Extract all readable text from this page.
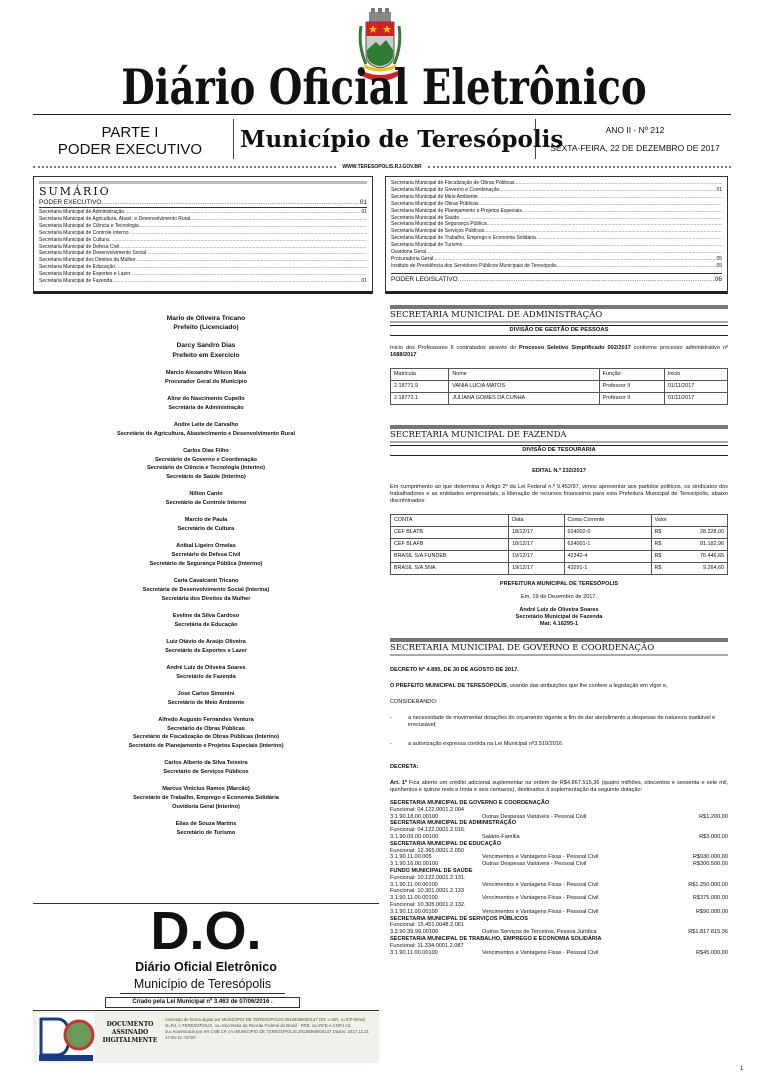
Diário Oficial Eletrônico
PARTE I
PODER EXECUTIVO	Município de Teresópolis	ANO II - Nº 212
SEXTA-FEIRA, 22 DE DEZEMBRO DE 2017
WWW.TERESOPOLIS.RJ.GOV.BR
SUMÁRIO
PODER EXECUTIVO .....	01
Secretaria Municipal de Administração .....	01
Secretaria Municipal de Agricultura, Abast. e Desenvolvimento Rural
.....
Secretaria Municipal de Ciência e Tecnologia
.....
Secretaria Municipal de Controle Interno
.....
Secretaria Municipal de Cultura
.....
Secretaria Municipal de Defesa Civil
.....
Secretaria Municipal de Desenvolvimento Social
.....
Secretaria Municipal dos Direitos da Mulher
.....
Secretaria Municipal de Educação
.....
Secretaria Municipal de Esportes e Lazer
.....
Secretaria Municipal de Fazenda .....	01
Secretaria Municipal de Fiscalização de Obras Públicas
.....
Secretaria Municipal de Governo e Coordenação .....	01
Secretaria Municipal de Meio Ambiente
.....
Secretaria Municipal de Obras Públicas
.....
Secretaria Municipal de Planejamento e Projetos Especiais
.....
Secretaria Municipal de Saúde
.....
Secretaria Municipal de Segurança Pública
.....
Secretaria Municipal de Serviços Públicos
.....
Secretaria Municipal de Trabalho, Emprego e Economia Solidária
.....
Secretaria Municipal de Turismo
.....
Ouvidoria Geral
.....
Procuradoria Geral .....	05
Instituto de Previdência dos Servidores Públicos Municipais de Teresópolis .....	05
PODER LEGISLATIVO .....	06
Mario de Oliveira Tricano
Prefeito (Licenciado)
Darcy Sandro Dias
Prefeito em Exercicio
Marcio Alexandre Wilson Maia
Procurador Geral do Município
Aline do Nascimento Cupello
Secretária de Administração
Andre Leite de Carvalho
Secretário de Agricultura, Abastecimento e Desenvolvimento Rural
Carlos Dias Filho
Secretário de Governo e Coordenação
Secretário de Ciência e Tecnologia (Interino)
Secretário de Saúde (Interino)
Nilton Canto
Secretário de Controle Interno
Marcio de Paula
Secretário de Cultura
Anibal Ligeiro Ornelas
Secretário de Defesa Civil
Secretário de Segurança Pública (Interino)
Carla Cavalcanti Tricano
Secretária de Desenvolvimento Social (Interina)
Secretária dos Direitos da Mulher
Eveline da Silva Cardoso
Secretária de Educação
Luiz Otávio de Araújo Oliveira
Secretário de Esportes e Lazer
André Luiz de Oliveira Soares
Secretário de Fazenda
José Carlos Simonini
Secretário de Meio Ambiente
Alfredo Augusto Fernandes Ventura
Secretário de Obras Públicas
Secretário de Fiscalização de Obras Públicas (Interino)
Secretário de Planejamento e Projetos Especiais (Interino)
Carlos Alberto da Silva Teixeira
Secretário de Serviços Públicos
Marcus Vinicius Ramos (Marcão)
Secretário de Trabalho, Emprego e Economia Solidária
Ouvidoria Geral (Interino)
Elias de Souza Martins
Secretário de Turismo
D.O.
Diário Oficial Eletrônico
Município de Teresópolis
Criado pela Lei Municipal nº 3.463 de 07/06/2016 .
DOCUMENTO ASSINADO DIGITALMENTE
Assinado de forma digital por MUNICIPIO DE TERESOPOLIS:29138369000147 DN: c=BR, o=ICP-Brasil, st=RJ, l=TERESOPOLIS, ou=Secretaria da Receita Federal do Brasil - RFB, ou=RFB e-CNPJ A3, ou=Autenticado por AR CNB CF, cn=MUNICIPIO DE TERESOPOLIS:29138369000147 Dados: 2017.12.21 17:55:12 -02'00'
SECRETARIA MUNICIPAL DE ADMINISTRAÇÃO
DIVISÃO DE GESTÃO DE PESSOAS

Inicio dos Professores II contratados através do Processo Seletivo Simplificado 002/2017 conforme processo administrativo nº 1688/2017

Matricula	Nome	Função	Inicio
2.18771.9	VANIA LUCIA MATOS	Professor II	01/11/2017
2.18772.1	JULIANA GOMES DA CUNHA	Professor II	01/11/2017
SECRETARIA MUNICIPAL DE FAZENDA
DIVISÃO DE TESOURARIA

EDITAL N.º 232/2017

Em cumprimento ao que determina o Artigo 2º da Lei Federal n.º 9.452/97, vimos apresentar aos partidos politicos, os sindicatos dos trabalhadores e as entidades empresariais, a liberação de recursos financeiros para esta Prefeitura Municipal de Teresópolis, abaixo discriminados:

CONTA	Data	Conta Corrente	Valor	
CEF BLATB	18/12/17	624002-0	R$	28.328,00
CEF BLAFB	18/12/17	624001-1	R$	81.182,96
BRASIL S/A FUNDEB	19/12/17	42342-4	R$	76.446,65
BRASIL S/A SNA	19/12/17	43291-1	R$	9.264,60

PREFEITURA MUNICIPAL DE TERESÓPOLIS

Em, 19 de Dezembro de 2017.

André Luiz de Oliveira Soares
Secretário Municipal de Fazenda
Mat: 4.16295-1
SECRETARIA MUNICIPAL DE GOVERNO E COORDENAÇÃO

DECRETO Nº 4.895, DE 30 DE AGOSTO DE 2017.

O PREFEITO MUNICIPAL DE TERESÓPOLIS, usando das atribuições que lhe confere a legislação em vigor e,

CONSIDERANDO:

-	a necessidade de movimentar dotações do orçamento vigente a fim de dar atendimento a despesas de natureza inadiável e irrecusável;
-	a autorização expressa contida na Lei Municipal nº3.510/2016.

DECRETA:

Art. 1º Fica aberto um crédito adicional suplementar na ordem de R$4.867.515,36 (quatro milhões, oitocentos e sessenta e sete mil, quinhentos e quinze reais e trinta e seis centavos), destinados à suplementação da seguinte dotação:

SECRETARIA MUNICIPAL DE GOVERNO E COORDENAÇÃO
Funcional: 04.122.0001.2.004
3.1.90.18.00.00100	Outras Despesas Variáveis - Pessoal Civil	R$1.200,00
SECRETARIA MUNICIPAL DE ADMINISTRAÇÃO
Funcional: 04.122.0001.2.016.
3.1.90.09.00.00100	Salário-Família	R$3.000,00
SECRETARIA MUNICIPAL DE EDUCAÇÃO
Funcional: 12.365.0001.2.050
3.1.90.11.00.005	Vencimentos e Vantagens Fixas - Pessoal Civil	R$930.000,00
3.1.90.16.00.00100	Outras Despesas Variáveis - Pessoal Civil	R$300.500,00
FUNDO MUNICIPAL DE SAÚDE
Funcional: 10.122.0001.2.131.
3.1.90.11.00.00100	Vencimentos e Vantagens Fixas - Pessoal Civil	R$1.250.000,00
Funcional: 10.301.0001.2.133
3.1.90.11.00.00100	Vencimentos e Vantagens Fixas - Pessoal Civil	R$375.000,00
Funcional: 10.305.0001.2.132.
3.1.90.11.00.00100	Vencimentos e Vantagens Fixas - Pessoal Civil	R$90.000,00
SECRETARIA MUNICIPAL DE SERVIÇOS PÚBLICOS
Funcional: 15.451.0048.2.061
3.3.90.39.99.00100	Outros Serviços de Terceiros, Pessoa Jurídica	R$1.817.815,36
SECRETARIA MUNICIPAL DE TRABALHO, EMPREGO E ECONOMIA SOLIDÁRIA
Funcional: 11.334.0001.2.087
3.1.90.11.00.00100	Vencimentos e Vantagens Fixas - Pessoal Civil	R$45.000,00
1
